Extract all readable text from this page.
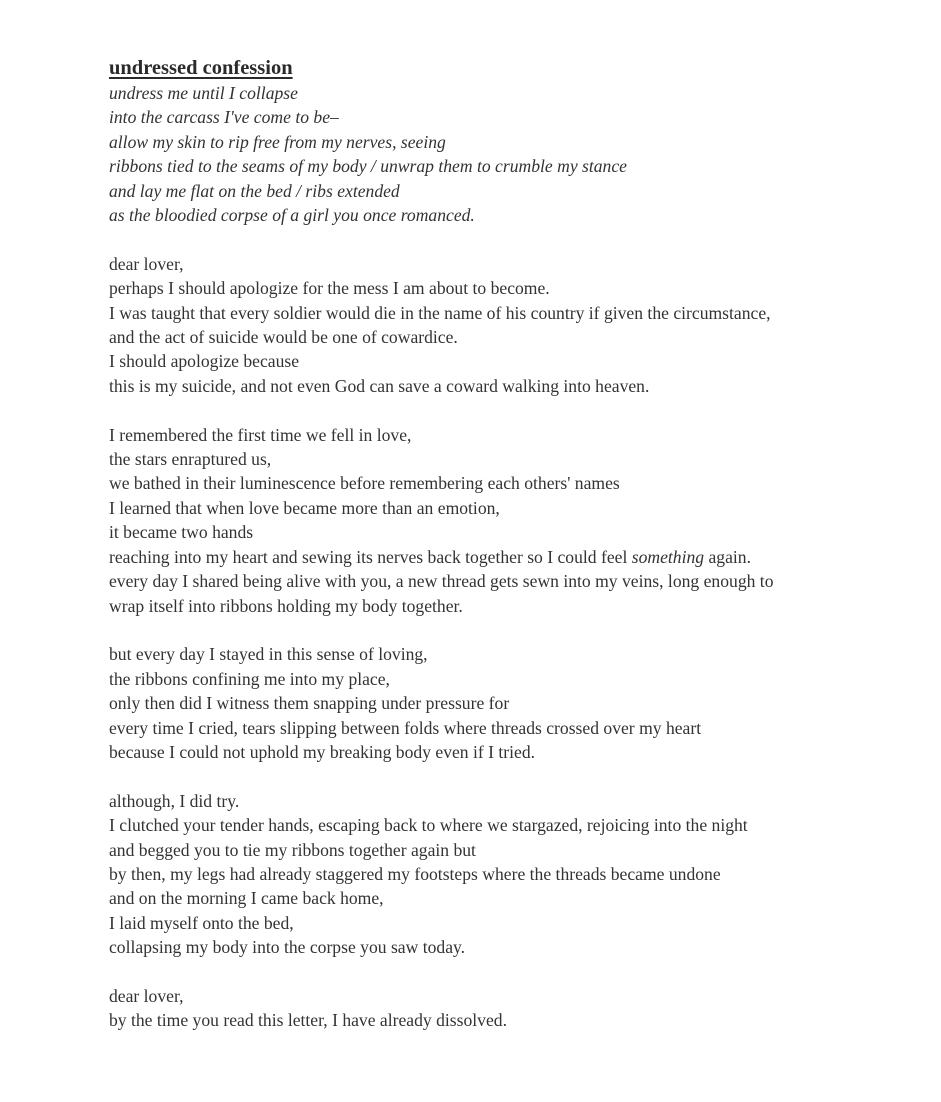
undressed confession
undress me until I collapse
into the carcass I've come to be–
allow my skin to rip free from my nerves, seeing
ribbons tied to the seams of my body / unwrap them to crumble my stance
and lay me flat on the bed / ribs extended
as the bloodied corpse of a girl you once romanced.
dear lover,
perhaps I should apologize for the mess I am about to become.
I was taught that every soldier would die in the name of his country if given the circumstance,
and the act of suicide would be one of cowardice.
I should apologize because
this is my suicide, and not even God can save a coward walking into heaven.
I remembered the first time we fell in love,
the stars enraptured us,
we bathed in their luminescence before remembering each others' names
I learned that when love became more than an emotion,
it became two hands
reaching into my heart and sewing its nerves back together so I could feel something again.
every day I shared being alive with you, a new thread gets sewn into my veins, long enough to
wrap itself into ribbons holding my body together.
but every day I stayed in this sense of loving,
the ribbons confining me into my place,
only then did I witness them snapping under pressure for
every time I cried, tears slipping between folds where threads crossed over my heart
because I could not uphold my breaking body even if I tried.
although, I did try.
I clutched your tender hands, escaping back to where we stargazed, rejoicing into the night
and begged you to tie my ribbons together again but
by then, my legs had already staggered my footsteps where the threads became undone
and on the morning I came back home,
I laid myself onto the bed,
collapsing my body into the corpse you saw today.
dear lover,
by the time you read this letter, I have already dissolved.
